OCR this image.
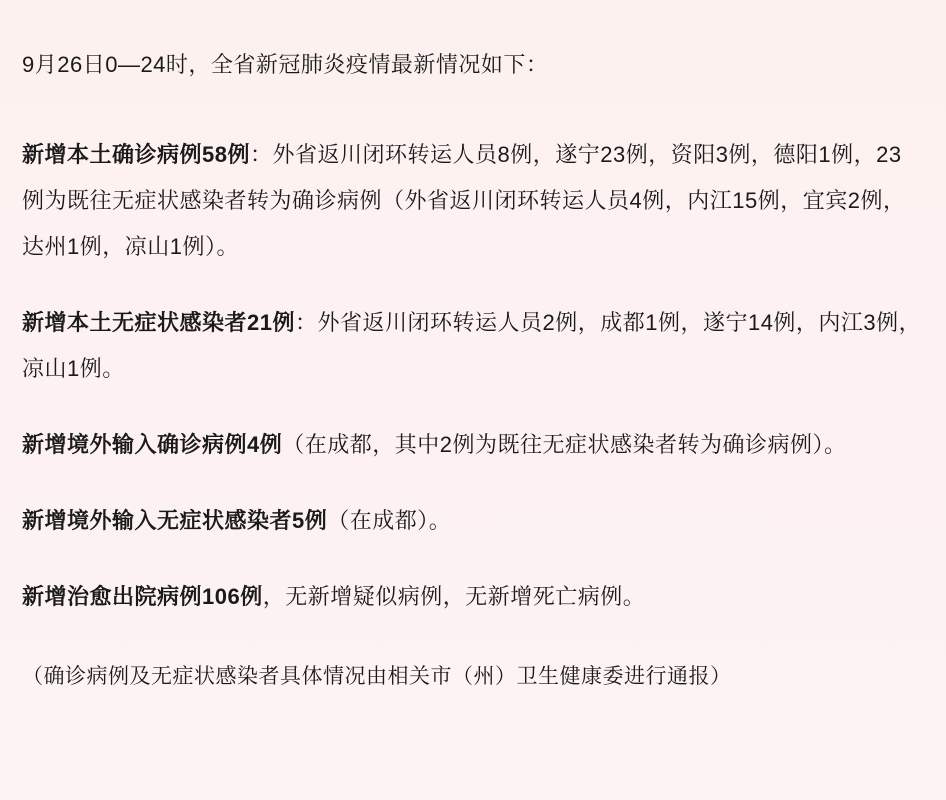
9月26日0—24时，全省新冠肺炎疫情最新情况如下：

新增本土确诊病例58例：外省返川闭环转运人员8例，遂宁23例，资阳3例，德阳1例，23例为既往无症状感染者转为确诊病例（外省返川闭环转运人员4例，内江15例，宜宾2例，达州1例，凉山1例）。

新增本土无症状感染者21例：外省返川闭环转运人员2例，成都1例，遂宁14例，内江3例，凉山1例。

新增境外输入确诊病例4例（在成都，其中2例为既往无症状感染者转为确诊病例）。

新增境外输入无症状感染者5例（在成都）。

新增治愈出院病例106例，无新增疑似病例，无新增死亡病例。

（确诊病例及无症状感染者具体情况由相关市（州）卫生健康委进行通报）
